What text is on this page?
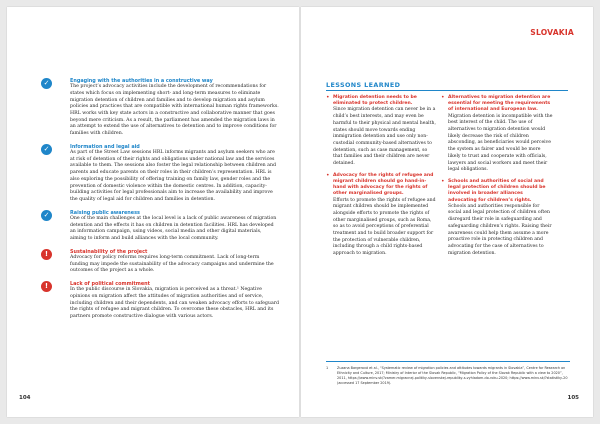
✓	Engaging with the authorities in a constructive way
The project’s advocacy activities include the development of recommendations for states which focus on implementing short- and long-term measures to eliminate migration detention of children and families and to develop migration and asylum policies and practices that are compatible with international human rights frameworks. HRL works with key state actors in a constructive and collaborative manner that goes beyond mere criticism. As a result, the parliament has amended the migration laws in an attempt to extend the use of alternatives to detention and to improve conditions for families with children.
✓	Information and legal aid
As part of the Street Law sessions HRL informs migrants and asylum seekers who are at risk of detention of their rights and obligations under national law and the services available to them. The sessions also foster the legal relationship between children and parents and educate parents on their roles in their children’s representation. HRL is also exploring the possibility of offering training on family law, gender roles and the prevention of domestic violence within the domestic centres. In addition, capacity-building activities for legal professionals aim to increase the availability and improve the quality of legal aid for children and families in detention.
✓	Raising public awareness
One of the main challenges at the local level is a lack of public awareness of migration detention and the effects it has on children in detention facilities. HRL has developed an information campaign, using videos, social media and other digital materials, aiming to inform and build alliances with the local community.
!	Sustainability of the project
Advocacy for policy reforms requires long-term commitment. Lack of long-term funding may impede the sustainability of the advocacy campaigns and undermine the outcomes of the project as a whole.
!	Lack of political commitment
In the public discourse in Slovakia, migration is perceived as a threat.¹ Negative opinions on migration affect the attitudes of migration authorities and of service, including children and their dependents, and can weaken advocacy efforts to safeguard the rights of refugee and migrant children. To overcome these obstacles, HRL and its partners promote constructive dialogue with various actors.
104
SLOVAKIA
LESSONS LEARNED
• Migration detention needs to be eliminated to protect children.
Since migration detention can never be in a child’s best interests, and may even be harmful to their physical and mental health, states should move towards ending immigration detention and use only non-custodial community-based alternatives to detention, such as case management, so that families and their children are never detained.
• Advocacy for the rights of refugee and migrant children should go hand-in-hand with advocacy for the rights of other marginalised groups.
Efforts to promote the rights of refugee and migrant children should be implemented alongside efforts to promote the rights of other marginalised groups, such as Roma, so as to avoid perceptions of preferential treatment and to build broader support for the protection of vulnerable children, including through a child rights-based approach to migration.
• Alternatives to migration detention are essential for meeting the requirements of international and European law.
Migration detention is incompatible with the best interest of the child. The use of alternatives to migration detention would likely decrease the risk of children absconding, as beneficiaries would perceive the system as fairer and would be more likely to trust and cooperate with officials, lawyers and social workers and meet their legal obligations.
• Schools and authorities of social and legal protection of children should be involved in broader alliances advocating for children’s rights.
Schools and authorities responsible for social and legal protection of children often disregard their role in safeguarding and safeguarding children’s rights. Raising their awareness could help them assume a more proactive role in protecting children and advocating for the case of alternatives to migration detention.
1	Zuzana Bargerová et al., “Systematic review of migration policies and attitudes towards migrants in Slovakia”, Centre for Research on Ethnicity and Culture, 2017; Ministry of Interior of the Slovak Republic, “Migration Policy of the Slovak Republic with a view to 2020”, 2011, https://www.minv.sk/?zamer-migracnej-politiky-slovenskej-republiky-s-vyhladom-do-roku-2020; https://www.minv.sk/?statistiky-20 (accessed 17 September 2019).
105
